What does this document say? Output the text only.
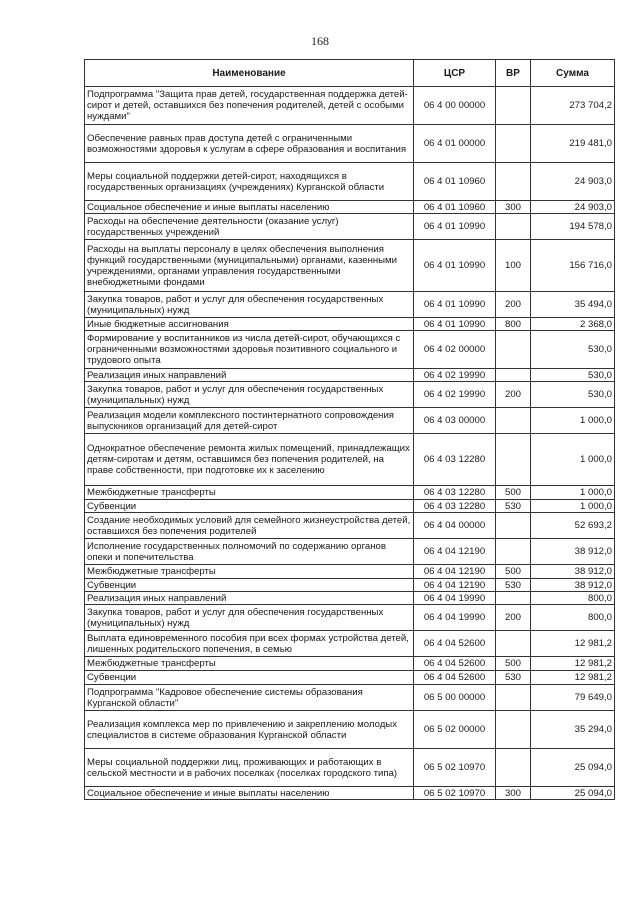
168
Наименование	ЦСР	ВР	Сумма
Подпрограмма "Защита прав детей, государственная поддержка детей-сирот и детей, оставшихся без попечения родителей, детей с особыми нуждами"	06 4 00 00000		273 704,2
Обеспечение равных прав доступа детей с ограниченными возможностями здоровья к услугам в сфере образования и воспитания	06 4 01 00000		219 481,0
Меры социальной поддержки детей-сирот, находящихся в государственных организациях (учреждениях) Курганской области	06 4 01 10960		24 903,0
Социальное обеспечение и иные выплаты населению	06 4 01 10960	300	24 903,0
Расходы на обеспечение деятельности (оказание услуг) государственных учреждений	06 4 01 10990		194 578,0
Расходы на выплаты персоналу в целях обеспечения выполнения функций государственными (муниципальными) органами, казенными учреждениями, органами управления государственными внебюджетными фондами	06 4 01 10990	100	156 716,0
Закупка товаров, работ и услуг для обеспечения государственных (муниципальных) нужд	06 4 01 10990	200	35 494,0
Иные бюджетные ассигнования	06 4 01 10990	800	2 368,0
Формирование у воспитанников из числа детей-сирот, обучающихся с ограниченными возможностями здоровья позитивного социального и трудового опыта	06 4 02 00000		530,0
Реализация иных направлений	06 4 02 19990		530,0
Закупка товаров, работ и услуг для обеспечения государственных (муниципальных) нужд	06 4 02 19990	200	530,0
Реализация модели комплексного постинтернатного сопровождения выпускников организаций для детей-сирот	06 4 03 00000		1 000,0
Однократное обеспечение ремонта жилых помещений, принадлежащих детям-сиротам и детям, оставшимся без попечения родителей, на праве собственности, при подготовке их к заселению	06 4 03 12280		1 000,0
Межбюджетные трансферты	06 4 03 12280	500	1 000,0
Субвенции	06 4 03 12280	530	1 000,0
Создание необходимых условий для семейного жизнеустройства детей, оставшихся без попечения родителей	06 4 04 00000		52 693,2
Исполнение государственных полномочий по содержанию органов опеки и попечительства	06 4 04 12190		38 912,0
Межбюджетные трансферты	06 4 04 12190	500	38 912,0
Субвенции	06 4 04 12190	530	38 912,0
Реализация иных направлений	06 4 04 19990		800,0
Закупка товаров, работ и услуг для обеспечения государственных (муниципальных) нужд	06 4 04 19990	200	800,0
Выплата единовременного пособия при всех формах устройства детей, лишенных родительского попечения, в семью	06 4 04 52600		12 981,2
Межбюджетные трансферты	06 4 04 52600	500	12 981,2
Субвенции	06 4 04 52600	530	12 981,2
Подпрограмма "Кадровое обеспечение системы образования Курганской области"	06 5 00 00000		79 649,0
Реализация комплекса мер по привлечению и закреплению молодых специалистов в системе образования Курганской области	06 5 02 00000		35 294,0
Меры социальной поддержки лиц, проживающих и работающих в сельской местности и в рабочих поселках (поселках городского типа)	06 5 02 10970		25 094,0
Социальное обеспечение и иные выплаты населению	06 5 02 10970	300	25 094,0
